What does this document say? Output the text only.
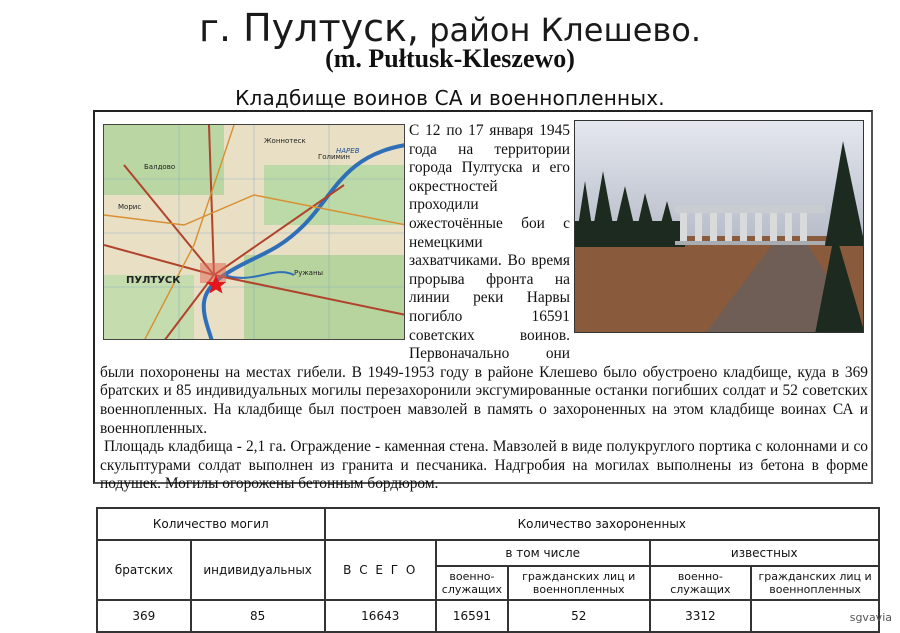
г. Пултуск, район Клешево.
(m. Pułtusk-Kleszewo)
Кладбище воинов СА и военнопленных.

С 12 по 17 января 1945 года на территории города Пултуска и его окрестностей проходили ожесточённые бои с немецкими захватчиками. Во время прорыва фронта на линии реки Нарвы погибло 16591 советских воинов. Первоначально они были похоронены на местах гибели. В 1949-1953 году в районе Клешево было обустроено кладбище, куда в 369 братских и 85 индивидуальных могилы перезахоронили эксгумированные останки погибших солдат и 52 советских военнопленных. На кладбище был построен мавзолей в память о захороненных на этом кладбище воинах СА и военнопленных.

Площадь кладбища - 2,1 га. Ограждение - каменная стена. Мавзолей в виде полукруглого портика с колоннами и со скульптурами солдат выполнен из гранита и песчаника. Надгробия на могилах выполнены из бетона в форме подушек. Могилы огорожены бетонным бордюром.

ПУЛТУСК
Морис
Балдово
Жоннотеск
Голимин
Ружаны
НАРЕВ
Количество могил		Количество захороненных				
братских	индивидуальных	В С Е Г О	в том числе		известных	
			военно-служащих	гражданских лиц и военнопленных	военно-служащих	гражданских лиц и военнопленных
369	85	16643	16591	52	3312		sgvavia
